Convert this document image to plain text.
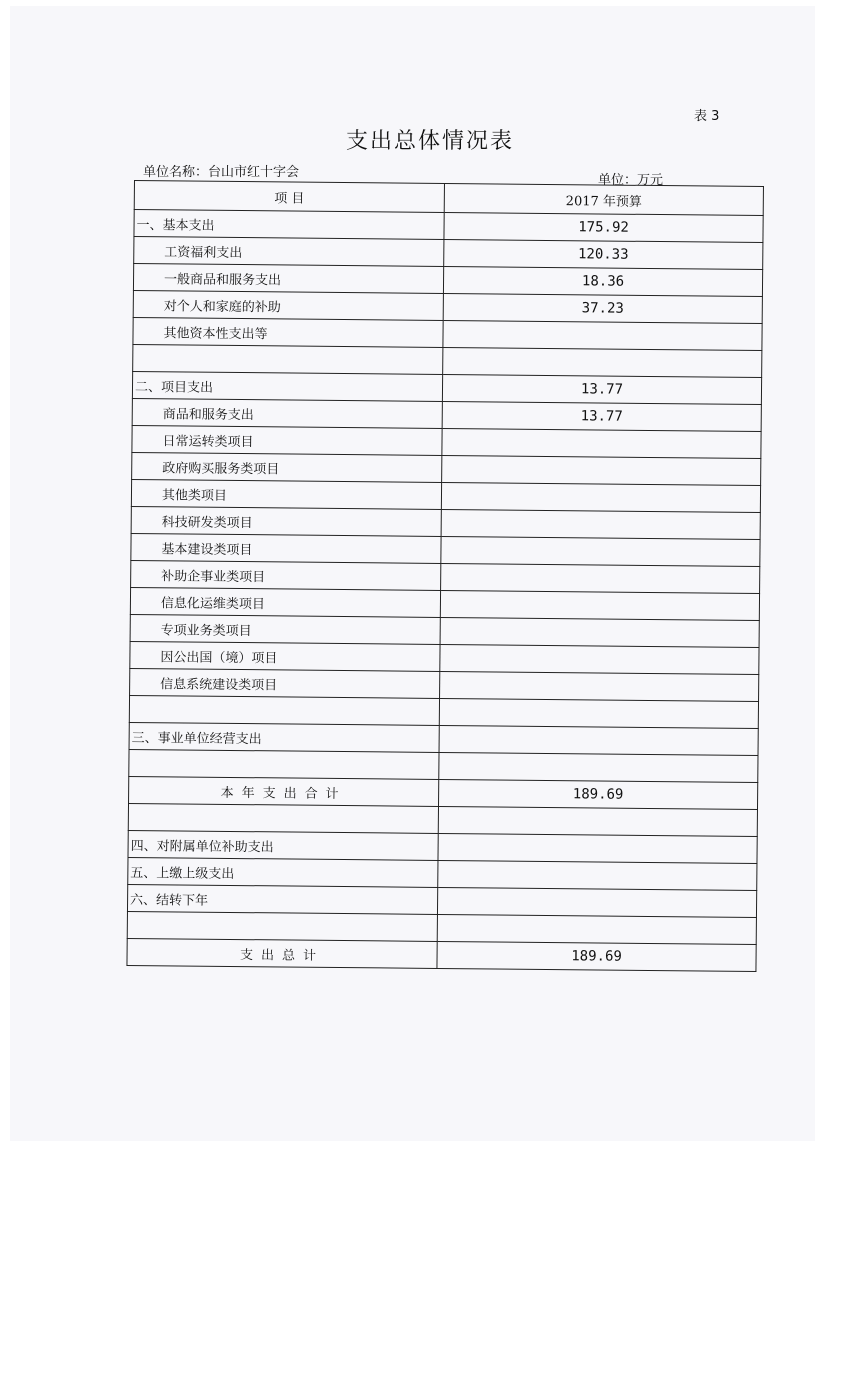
表 3
支出总体情况表
单位名称：台山市红十字会
单位：万元
项 目	2017 年预算
一、基本支出	175.92
工资福利支出	120.33
一般商品和服务支出	18.36
对个人和家庭的补助	37.23
其他资本性支出等	

二、项目支出	13.77
商品和服务支出	13.77
日常运转类项目	
政府购买服务类项目	
其他类项目	
科技研发类项目	
基本建设类项目	
补助企事业类项目	
信息化运维类项目	
专项业务类项目	
因公出国（境）项目	
信息系统建设类项目	

三、事业单位经营支出	

本年支出合计	189.69

四、对附属单位补助支出	
五、上缴上级支出	
六、结转下年	

支出总计	189.69
